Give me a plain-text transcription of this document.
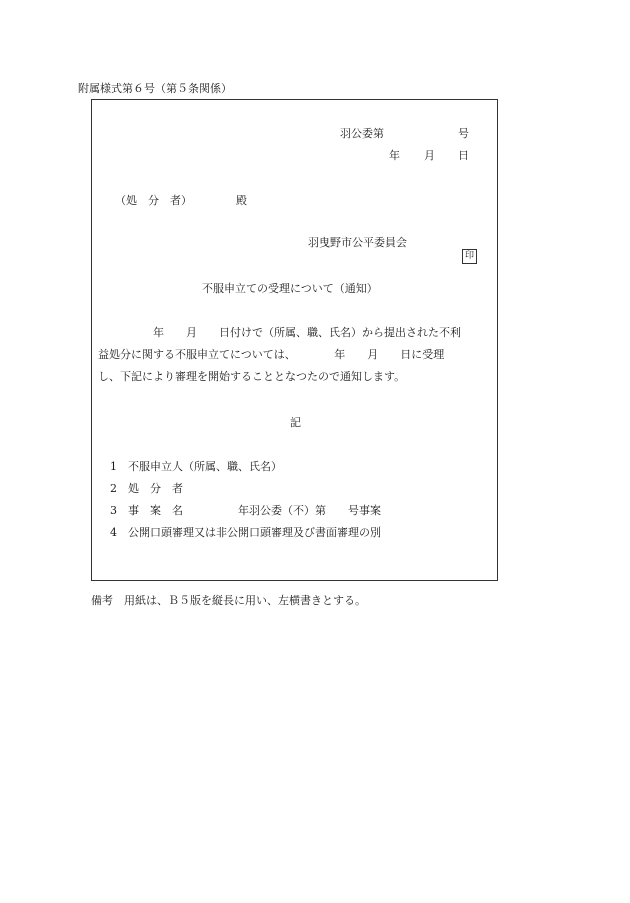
附属様式第６号（第５条関係）
羽公委第	号
年 月 日
（処　分　者）	殿
羽曳野市公平委員会

印

不服申立ての受理について（通知）
　　　　　年　　月　　日付けで（所属、職、氏名）から提出された不利
益処分に関する不服申立てについては、　　　　年　　月　　日に受理
し、下記により審理を開始することとなつたので通知します。
記
1　不服申立人（所属、職、氏名）
2　処　分　者
3　事　案　名　　　　　年羽公委（不）第　　号事案
4　公開口頭審理又は非公開口頭審理及び書面審理の別
備考　用紙は、Ｂ５版を縦長に用い、左横書きとする。
